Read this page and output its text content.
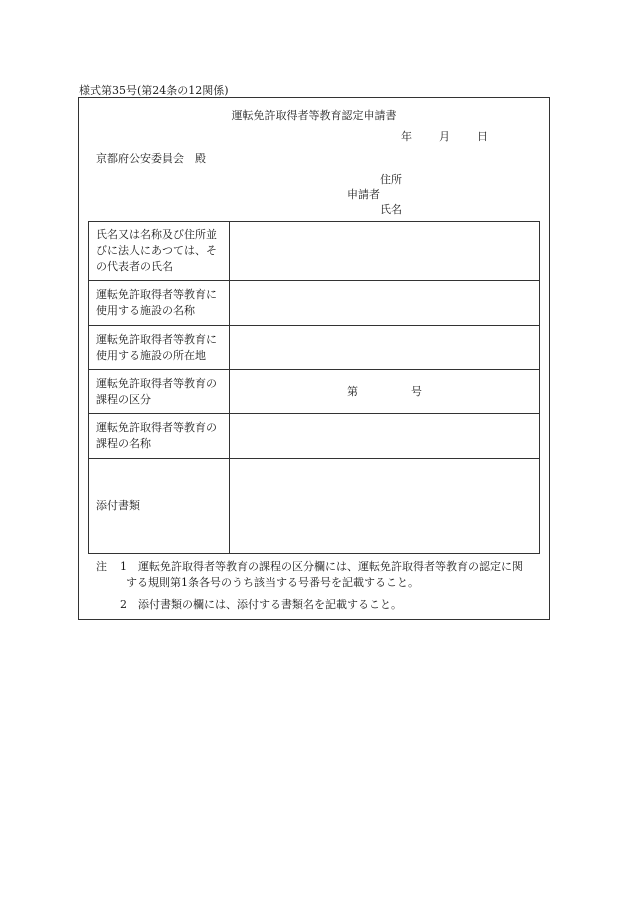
様式第35号(第24条の12関係)
運転免許取得者等教育認定申請書
年 月 日
京都府公安委員会　殿
住所
申請者
氏名
氏名又は名称及び住所並びに法人にあつては、その代表者の氏名	

運転免許取得者等教育に使用する施設の名称	

運転免許取得者等教育に使用する施設の所在地	

運転免許取得者等教育の課程の区分	第 号

運転免許取得者等教育の課程の名称	

添付書類	

注 1 運転免許取得者等教育の課程の区分欄には、運転免許取得者等教育の認定に関
する規則第1条各号のうち該当する号番号を記載すること。
2 添付書類の欄には、添付する書類名を記載すること。
